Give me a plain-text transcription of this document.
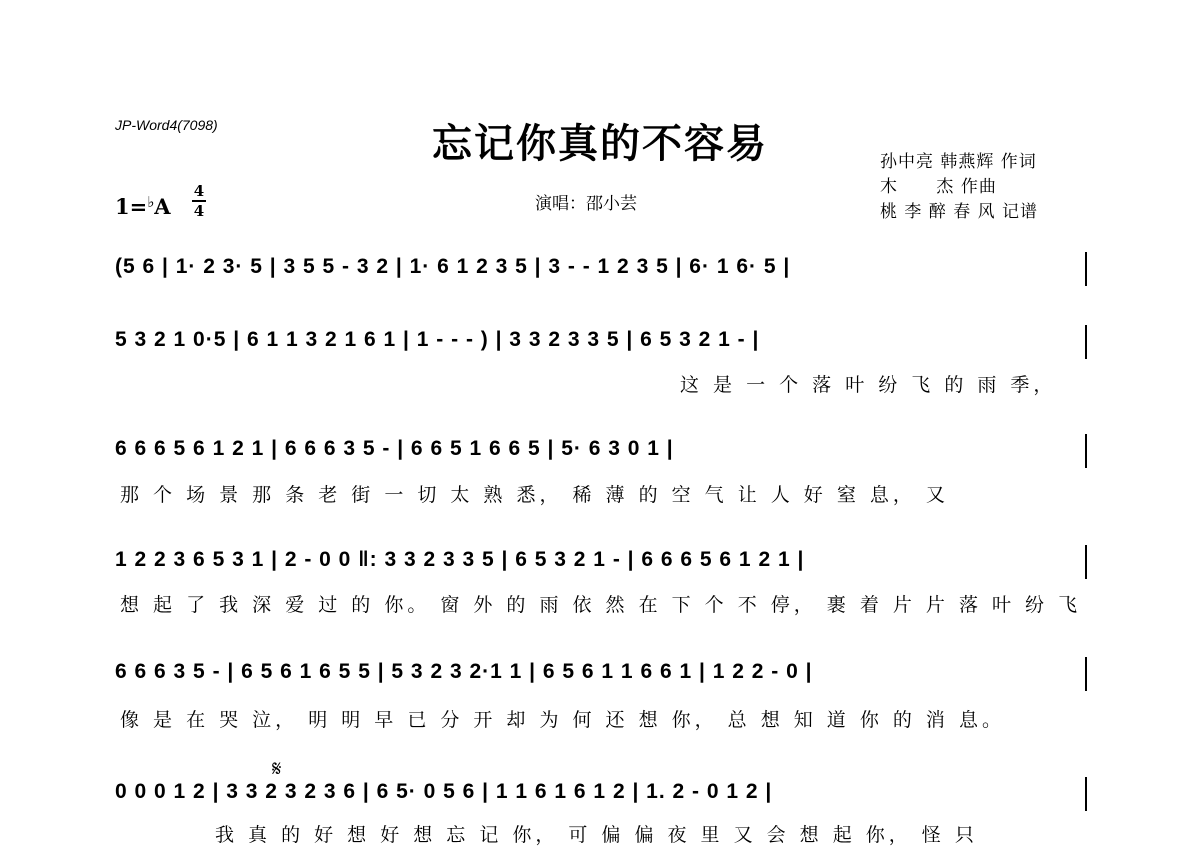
JP-Word4(7098)	忘记你真的不容易	孙中亮 韩燕辉 作词
木      杰 作曲
桃 李 醉 春 风 记谱
演唱：邵小芸
1=♭A
4
4
(5 6 | 1· 2 3· 5 | 3 5 5 - 3 2 | 1· 6 1 2 3 5 | 3 - - 1 2 3 5 | 6· 1 6· 5 |
5 3 2 1 0·5 | 6 1 1 3 2 1 6 1 | 1 - - - ) | 3 3 2 3 3 5 | 6 5 3 2 1 - |
这 是 一 个 落 叶 纷 飞 的 雨 季，
6 6 6 5 6 1 2 1 | 6 6 6 3 5 - | 6 6 5 1 6 6 5 | 5· 6 3 0 1 |
那 个 场 景 那 条 老 街 一 切 太 熟 悉， 稀 薄 的 空 气 让 人 好 窒 息， 又
1 2 2 3 6 5 3 1 | 2 - 0 0 ‖: 3 3 2 3 3 5 | 6 5 3 2 1 - | 6 6 6 5 6 1 2 1 |
想 起 了 我 深 爱 过 的 你。 窗 外 的 雨 依 然 在 下 个 不 停， 裹 着 片 片 落 叶 纷 飞
6 6 6 3 5 - | 6 5 6 1 6 5 5 | 5 3 2 3 2·1 1 | 6 5 6 1 1 6 6 1 | 1 2 2 - 0 |
像 是 在 哭 泣， 明 明 早 已 分 开 却 为 何 还 想 你， 总 想 知 道 你 的 消 息。
𝄋
0 0 0 1 2 | 3 3 2 3 2 3 6 | 6 5· 0 5 6 | 1 1 6 1 6 1 2 | 1. 2 - 0 1 2 |
我 真 的 好 想 好 想 忘 记 你， 可 偏 偏 夜 里 又 会 想 起 你， 怪 只
